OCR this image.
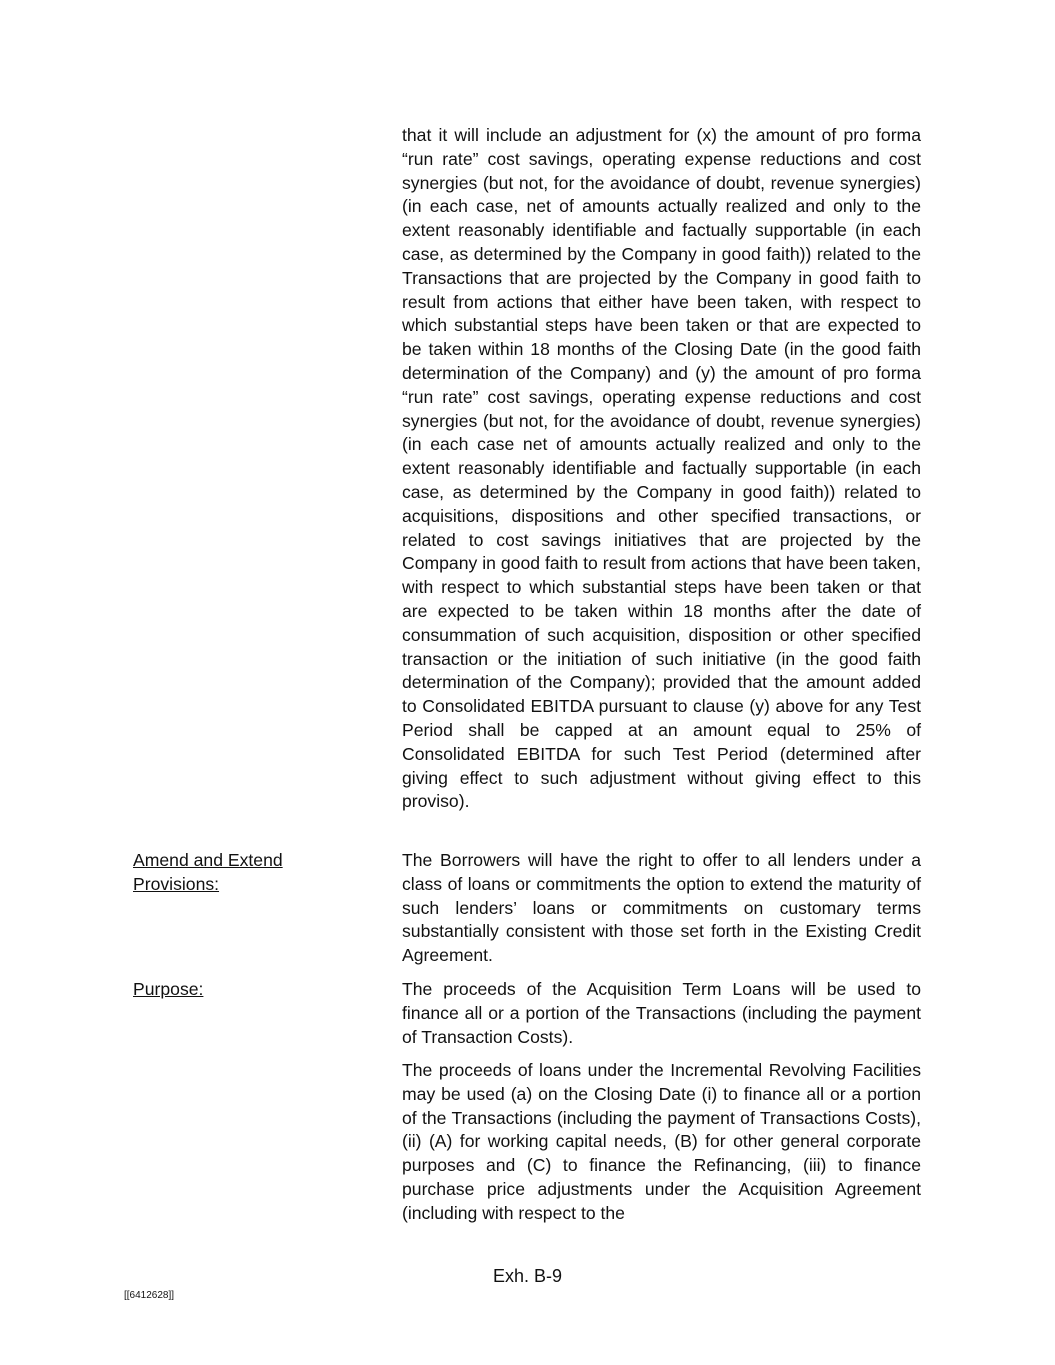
that it will include an adjustment for (x) the amount of pro forma “run rate” cost savings, operating expense reductions and cost synergies (but not, for the avoidance of doubt, revenue synergies) (in each case, net of amounts actually realized and only to the extent reasonably identifiable and factually supportable (in each case, as determined by the Company in good faith)) related to the Transactions that are projected by the Company in good faith to result from actions that either have been taken, with respect to which substantial steps have been taken or that are expected to be taken within 18 months of the Closing Date (in the good faith determination of the Company) and (y) the amount of pro forma “run rate” cost savings, operating expense reductions and cost synergies (but not, for the avoidance of doubt, revenue synergies) (in each case net of amounts actually realized and only to the extent reasonably identifiable and factually supportable (in each case, as determined by the Company in good faith)) related to acquisitions, dispositions and other specified transactions, or related to cost savings initiatives that are projected by the Company in good faith to result from actions that have been taken, with respect to which substantial steps have been taken or that are expected to be taken within 18 months after the date of consummation of such acquisition, disposition or other specified transaction or the initiation of such initiative (in the good faith determination of the Company); provided that the amount added to Consolidated EBITDA pursuant to clause (y) above for any Test Period shall be capped at an amount equal to 25% of Consolidated EBITDA for such Test Period (determined after giving effect to such adjustment without giving effect to this proviso).

Amend and Extend
Provisions:

The Borrowers will have the right to offer to all lenders under a class of loans or commitments the option to extend the maturity of such lenders’ loans or commitments on customary terms substantially consistent with those set forth in the Existing Credit Agreement.

Purpose:	The proceeds of the Acquisition Term Loans will be used to finance all or a portion of the Transactions (including the payment of Transaction Costs).

The proceeds of loans under the Incremental Revolving Facilities may be used (a) on the Closing Date (i) to finance all or a portion of the Transactions (including the payment of Transactions Costs), (ii) (A) for working capital needs, (B) for other general corporate purposes and (C) to finance the Refinancing, (iii) to finance purchase price adjustments under the Acquisition Agreement (including with respect to the

Exh. B-9
[[6412628]]
